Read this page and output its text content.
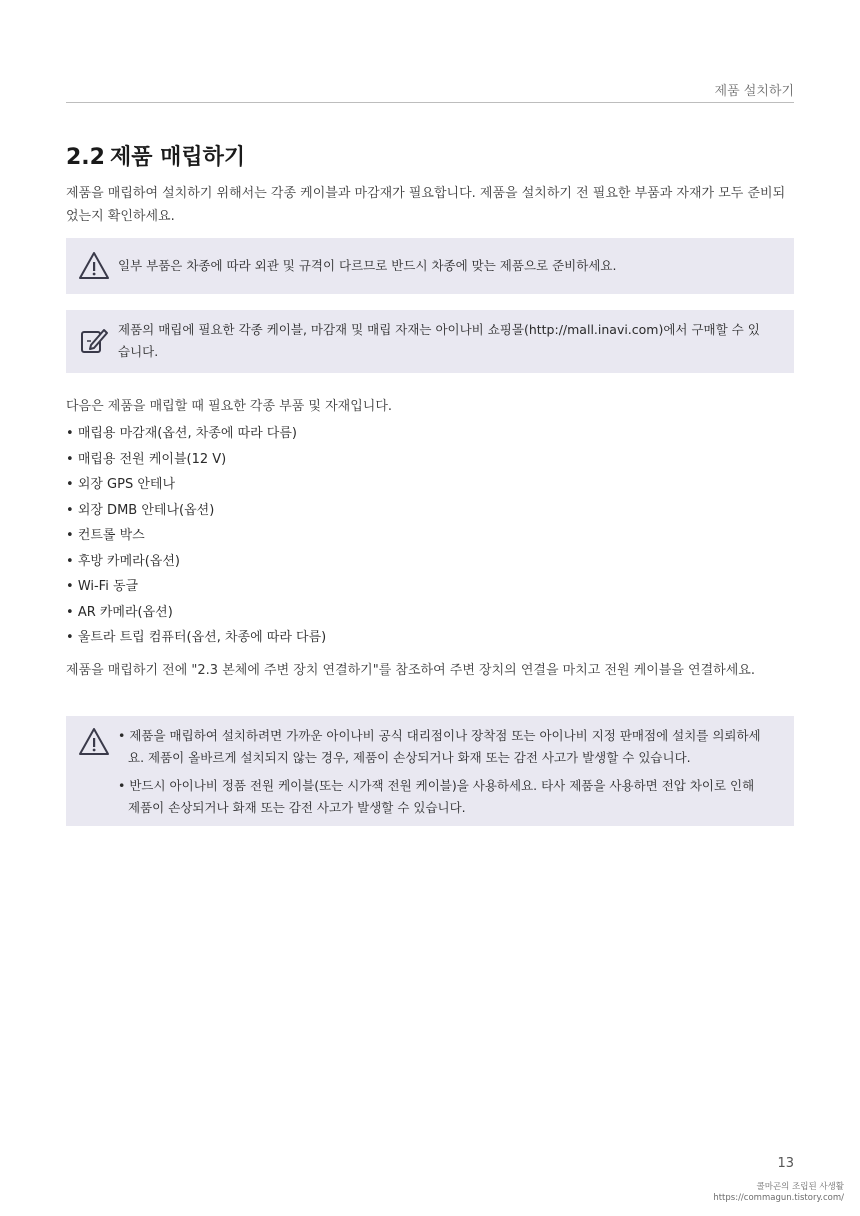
제품 설치하기
2.2 제품 매립하기
제품을 매립하여 설치하기 위해서는 각종 케이블과 마감재가 필요합니다. 제품을 설치하기 전 필요한 부품과 자재가 모두 준비되었는지 확인하세요.
일부 부품은 차종에 따라 외관 및 규격이 다르므로 반드시 차종에 맞는 제품으로 준비하세요.
제품의 매립에 필요한 각종 케이블, 마감재 및 매립 자재는 아이나비 쇼핑몰(http://mall.inavi.com)에서 구매할 수 있습니다.
다음은 제품을 매립할 때 필요한 각종 부품 및 자재입니다.
• 매립용 마감재(옵션, 차종에 따라 다름)
• 매립용 전원 케이블(12 V)
• 외장 GPS 안테나
• 외장 DMB 안테나(옵션)
• 컨트롤 박스
• 후방 카메라(옵션)
• Wi-Fi 동글
• AR 카메라(옵션)
• 울트라 트립 컴퓨터(옵션, 차종에 따라 다름)
제품을 매립하기 전에 "2.3 본체에 주변 장치 연결하기"를 참조하여 주변 장치의 연결을 마치고 전원 케이블을 연결하세요.
• 제품을 매립하여 설치하려면 가까운 아이나비 공식 대리점이나 장착점 또는 아이나비 지정 판매점에 설치를 의뢰하세요. 제품이 올바르게 설치되지 않는 경우, 제품이 손상되거나 화재 또는 감전 사고가 발생할 수 있습니다.
• 반드시 아이나비 정품 전원 케이블(또는 시가잭 전원 케이블)을 사용하세요. 타사 제품을 사용하면 전압 차이로 인해 제품이 손상되거나 화재 또는 감전 사고가 발생할 수 있습니다.
13
콜마곤의 조립된 사생활
https://commagun.tistory.com/
